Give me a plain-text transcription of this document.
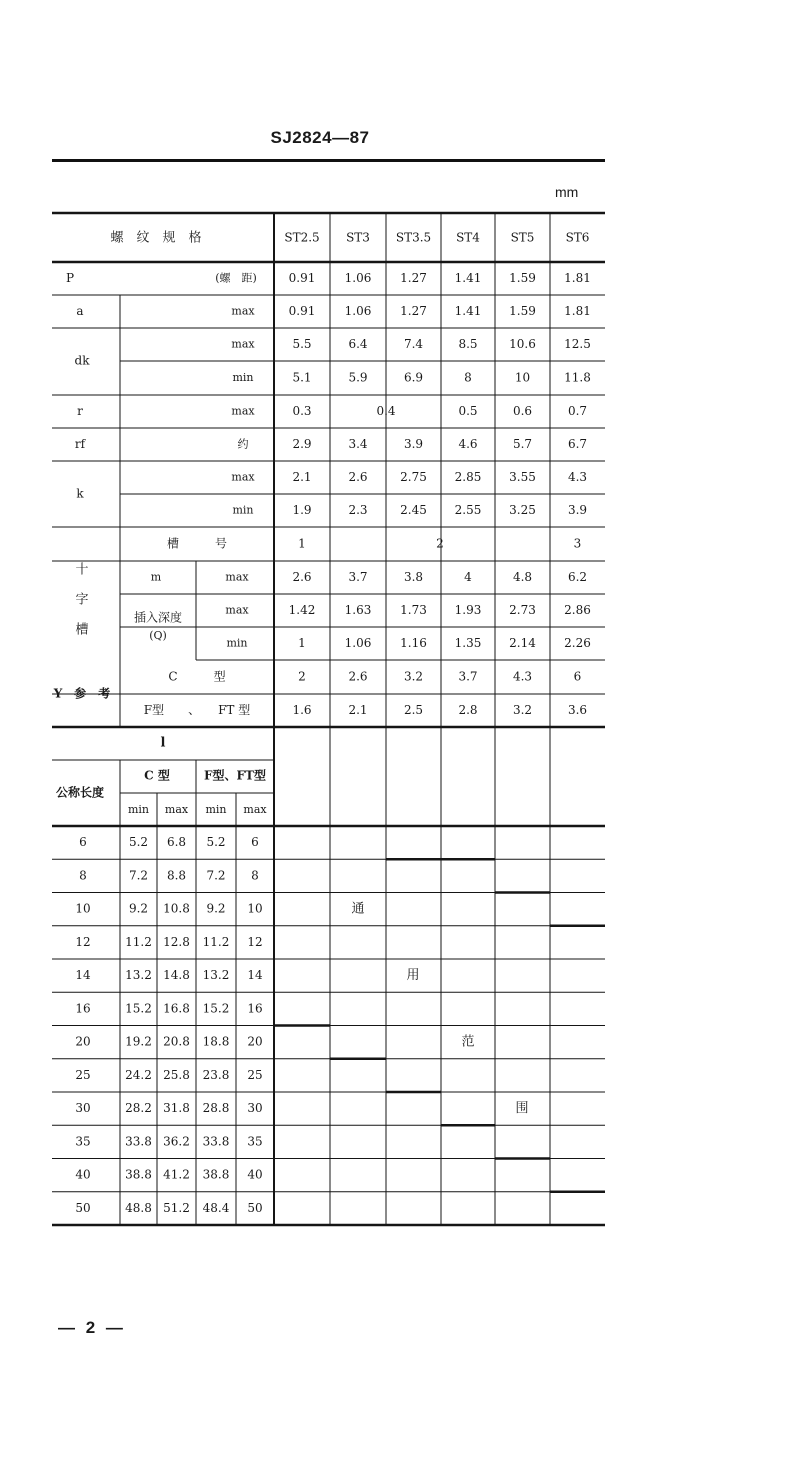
SJ2824—87
mm
螺　纹　规　格	ST2.5 ST3 ST3.5 ST4	ST5	ST6
P	(螺　距)	0.91 1.06 1.27 1.41 1.59 1.81
a	max	0.91 1.06 1.27 1.41 1.59 1.81
dk
max	5.5	6.4	7.4	8.5	10.6 12.5
min	5.1	5.9	6.9	8	10	11.8
r	max	0.3	0.4	0.5	0.6	0.7
rf	约	2.9	3.4	3.9	4.6	5.7	6.7
k
max	2.1	2.6	2.75 2.85 3.55	4.3
min	1.9	2.3	2.45 2.55 3.25	3.9
十
字
槽
槽　　　号	1	2	3
m	max	2.6	3.7	3.8	4	4.8	6.2
插入深度
(Q)
max	1.42 1.63 1.73 1.93 2.73 2.86
min	1	1.06 1.16 1.35 2.14 2.26
Y　参　考
C　　　型	2	2.6	3.2	3.7	4.3	6
F型　　、　　FT 型	1.6	2.1	2.5	2.8	3.2	3.6
l
公称长度
C 型	F型、FT型
min max min max
6	5.2 6.8 5.2 6
8	7.2 8.8 7.2 8
10	9.2 10.8 9.2 10
12	11.2 12.8 11.2 12
14	13.2 14.8 13.2 14
16	15.2 16.8 15.2 16
20	19.2 20.8 18.8 20
25	24.2 25.8 23.8 25
30	28.2 31.8 28.8 30
35	33.8 36.2 33.8 35
40	38.8 41.2 38.8 40
50	48.8 51.2 48.4 50
通
用
范
围
— 2 —
